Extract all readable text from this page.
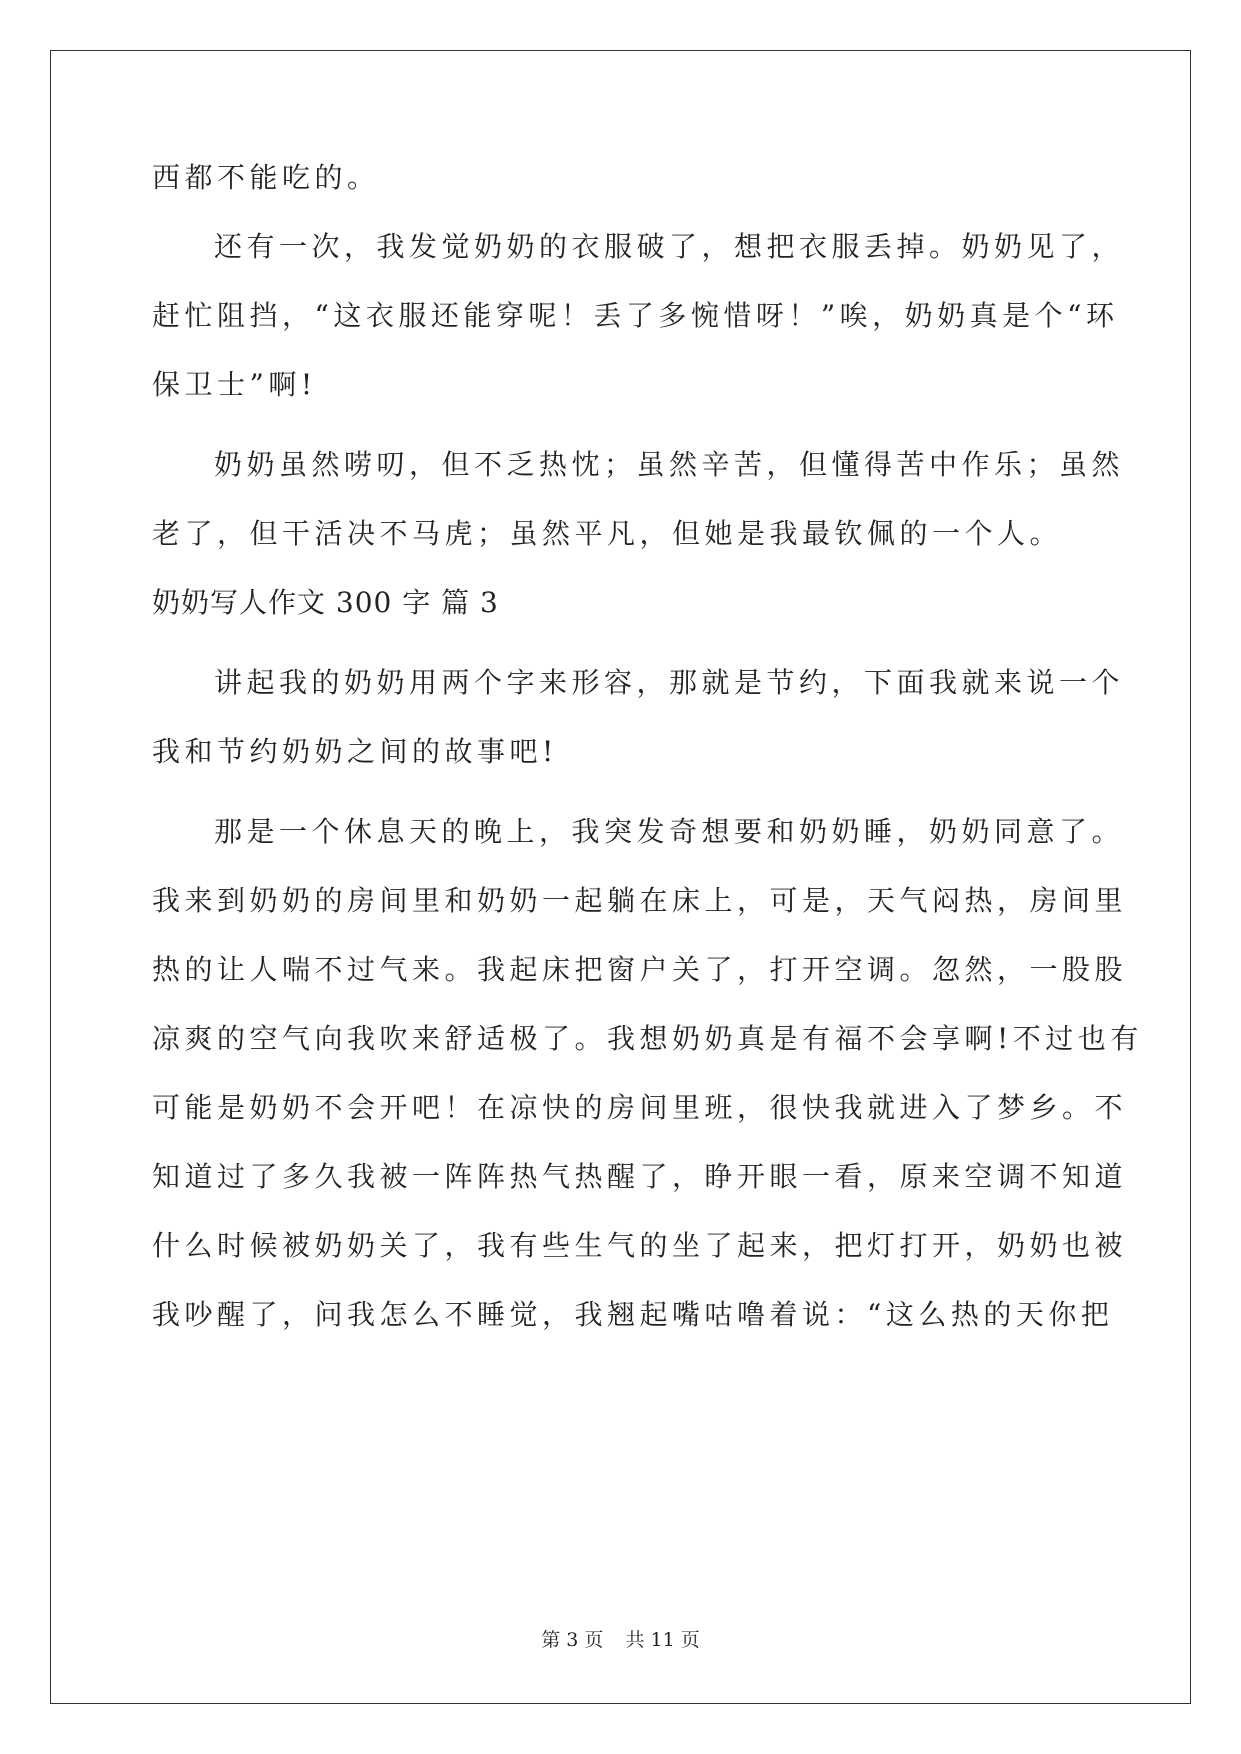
西都不能吃的。
还有一次，我发觉奶奶的衣服破了，想把衣服丢掉。奶奶见了，
赶忙阻挡，“这衣服还能穿呢！丢了多惋惜呀！”唉，奶奶真是个“环
保卫士”啊!
奶奶虽然唠叨，但不乏热忱；虽然辛苦，但懂得苦中作乐；虽然
老了，但干活决不马虎；虽然平凡，但她是我最钦佩的一个人。
奶奶写人作文 300 字 篇 3
讲起我的奶奶用两个字来形容，那就是节约，下面我就来说一个
我和节约奶奶之间的故事吧!
那是一个休息天的晚上，我突发奇想要和奶奶睡，奶奶同意了。
我来到奶奶的房间里和奶奶一起躺在床上，可是，天气闷热，房间里
热的让人喘不过气来。我起床把窗户关了，打开空调。忽然，一股股
凉爽的空气向我吹来舒适极了。我想奶奶真是有福不会享啊!不过也有
可能是奶奶不会开吧！在凉快的房间里班，很快我就进入了梦乡。不
知道过了多久我被一阵阵热气热醒了，睁开眼一看，原来空调不知道
什么时候被奶奶关了，我有些生气的坐了起来，把灯打开，奶奶也被
我吵醒了，问我怎么不睡觉，我翘起嘴咕噜着说：“这么热的天你把
第 3 页 共 11 页
